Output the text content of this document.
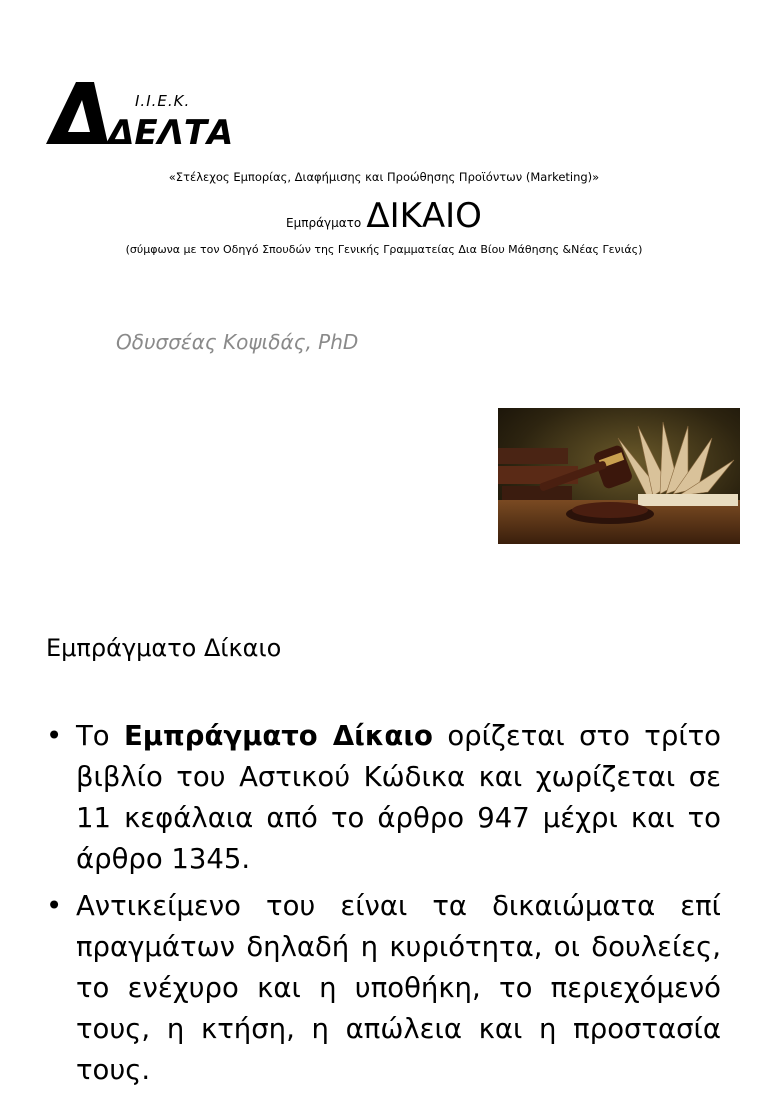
ΔΕΛΤΑ
Ι.Ι.Ε.Κ.
«Στέλεχος Εμπορίας, Διαφήμισης και Προώθησης Προϊόντων (Marketing)»
Εμπράγματο ΔΙΚΑΙΟ
(σύμφωνα με τον Οδηγό Σπουδών της Γενικής Γραμματείας Δια Βίου Μάθησης &Νέας Γενιάς)
Οδυσσέας Κοψιδάς, PhD
Εμπράγματο Δίκαιο
• Το Εμπράγματο Δίκαιο ορίζεται στο τρίτο βιβλίο του Αστικού Κώδικα και χωρίζεται σε 11 κεφάλαια από το άρθρο 947 μέχρι και το άρθρο 1345.
• Αντικείμενο του είναι τα δικαιώματα επί πραγμάτων δηλαδή η κυριότητα, οι δουλείες, το ενέχυρο και η υποθήκη, το περιεχόμενό τους, η κτήση, η απώλεια και η προστασία τους.
